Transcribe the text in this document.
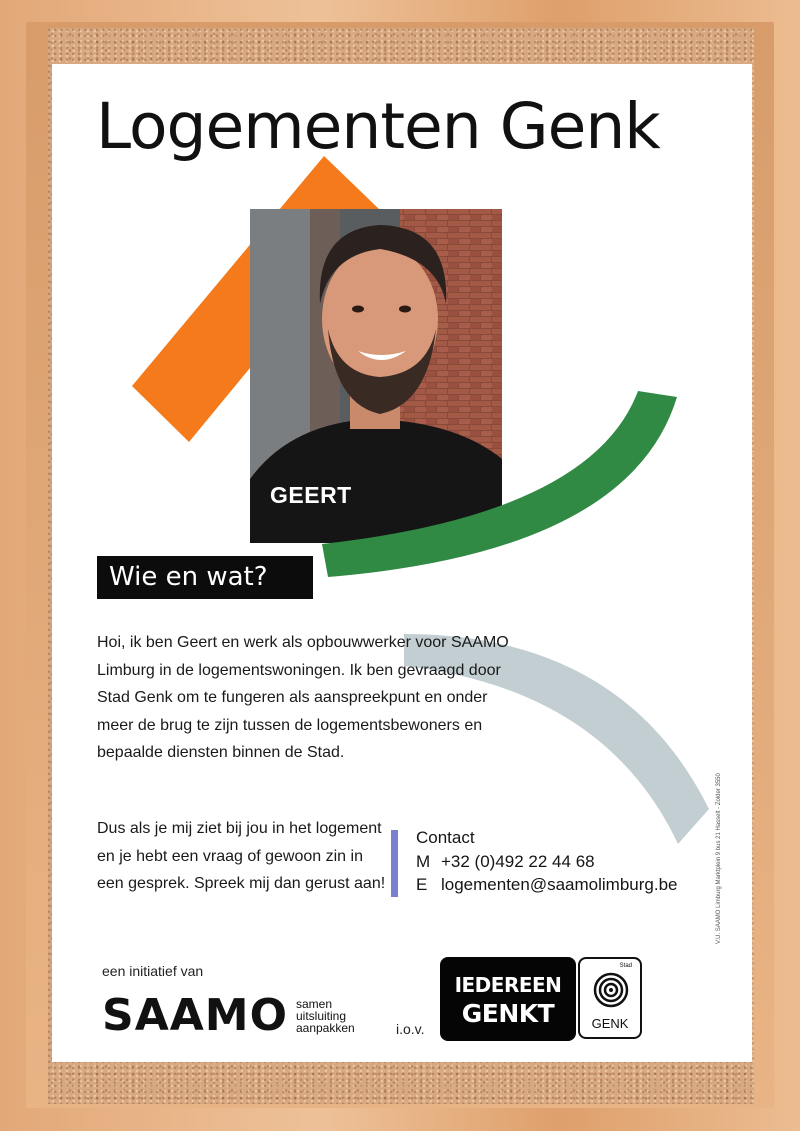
Logementen Genk
GEERT
Wie en wat?

Hoi, ik ben Geert en werk als opbouwwerker voor SAAMO Limburg in de logementswoningen. Ik ben gevraagd door Stad Genk om te fungeren als aanspreekpunt en onder meer de brug te zijn tussen de logementsbewoners en bepaalde diensten binnen de Stad.

Dus als je mij ziet bij jou in het logement en je hebt een vraag of gewoon zin in een gesprek. Spreek mij dan gerust aan!

Contact
M +32 (0)492 22 44 68
E logementen@saamolimburg.be	V.U. SAAMO Limburg Marktplein 9 bus 21 Hasselt - Zolder 3550
een initiatief van
SAAMO samen
uitsluiting
aanpakken	i.o.v.
IEDEREEN
GENKT
Stad
GENK
